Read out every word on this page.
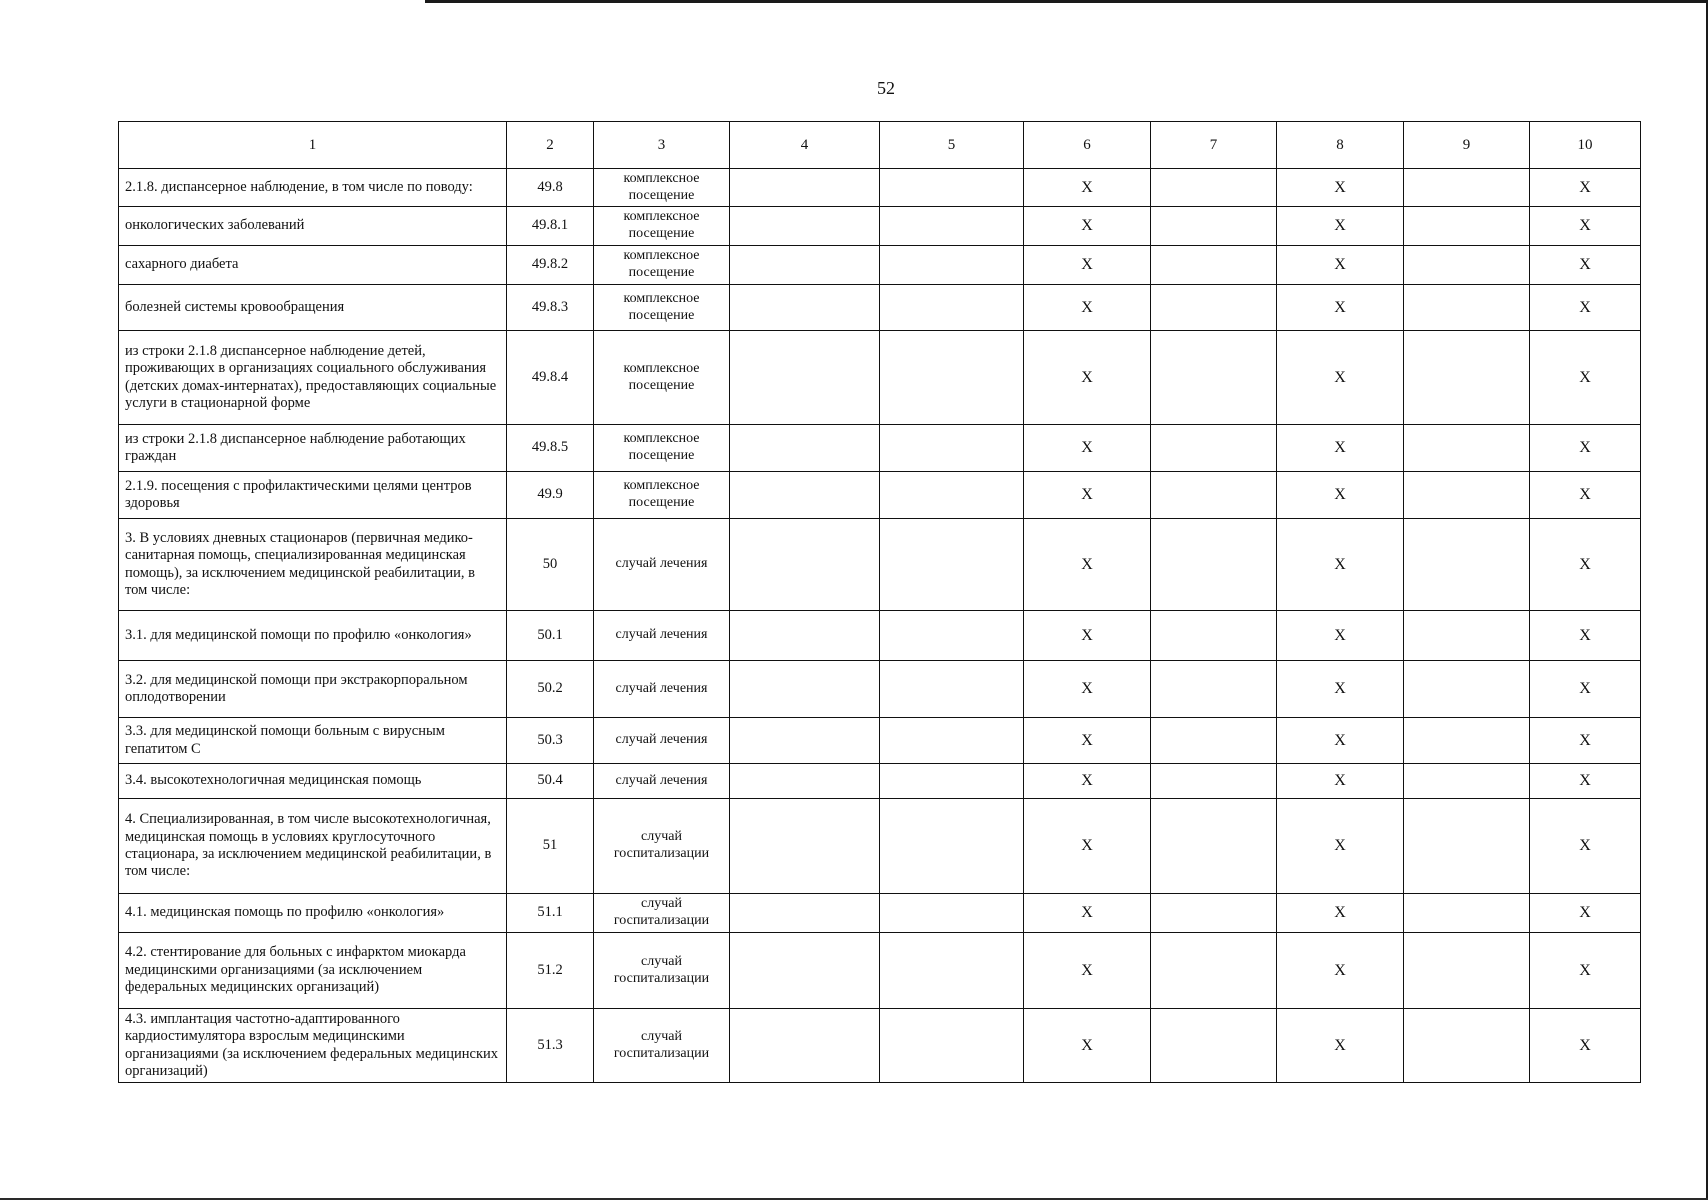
52
1	2	3	4	5	6	7	8	9	10
2.1.8. диспансерное наблюдение, в том числе по поводу:	49.8	комплексное посещение			X		X		X
онкологических заболеваний	49.8.1	комплексное посещение			X		X		X
сахарного диабета	49.8.2	комплексное посещение			X		X		X
болезней системы кровообращения	49.8.3	комплексное посещение			X		X		X
из строки 2.1.8 диспансерное наблюдение детей, проживающих в организациях социального обслуживания (детских домах-интернатах), предоставляющих социальные услуги в стационарной форме	49.8.4	комплексное посещение			X		X		X
из строки 2.1.8 диспансерное наблюдение работающих граждан	49.8.5	комплексное посещение			X		X		X
2.1.9. посещения с профилактическими целями центров здоровья	49.9	комплексное посещение			X		X		X
3. В условиях дневных стационаров (первичная медико-санитарная помощь, специализированная медицинская помощь), за исключением медицинской реабилитации, в том числе:	50	случай лечения			X		X		X
3.1. для медицинской помощи по профилю «онкология»	50.1	случай лечения			X		X		X
3.2. для медицинской помощи при экстракорпоральном оплодотворении	50.2	случай лечения			X		X		X
3.3. для медицинской помощи больным с вирусным гепатитом С	50.3	случай лечения			X		X		X
3.4. высокотехнологичная медицинская помощь	50.4	случай лечения			X		X		X
4. Специализированная, в том числе высокотехнологичная, медицинская помощь в условиях круглосуточного стационара, за исключением медицинской реабилитации, в том числе:	51	случай госпитализации			X		X		X
4.1. медицинская помощь по профилю «онкология»	51.1	случай госпитализации			X		X		X
4.2. стентирование для больных с инфарктом миокарда медицинскими организациями (за исключением федеральных медицинских организаций)	51.2	случай госпитализации			X		X		X
4.3. имплантация частотно-адаптированного кардиостимулятора взрослым медицинскими организациями (за исключением федеральных медицинских организаций)	51.3	случай госпитализации			X		X		X
